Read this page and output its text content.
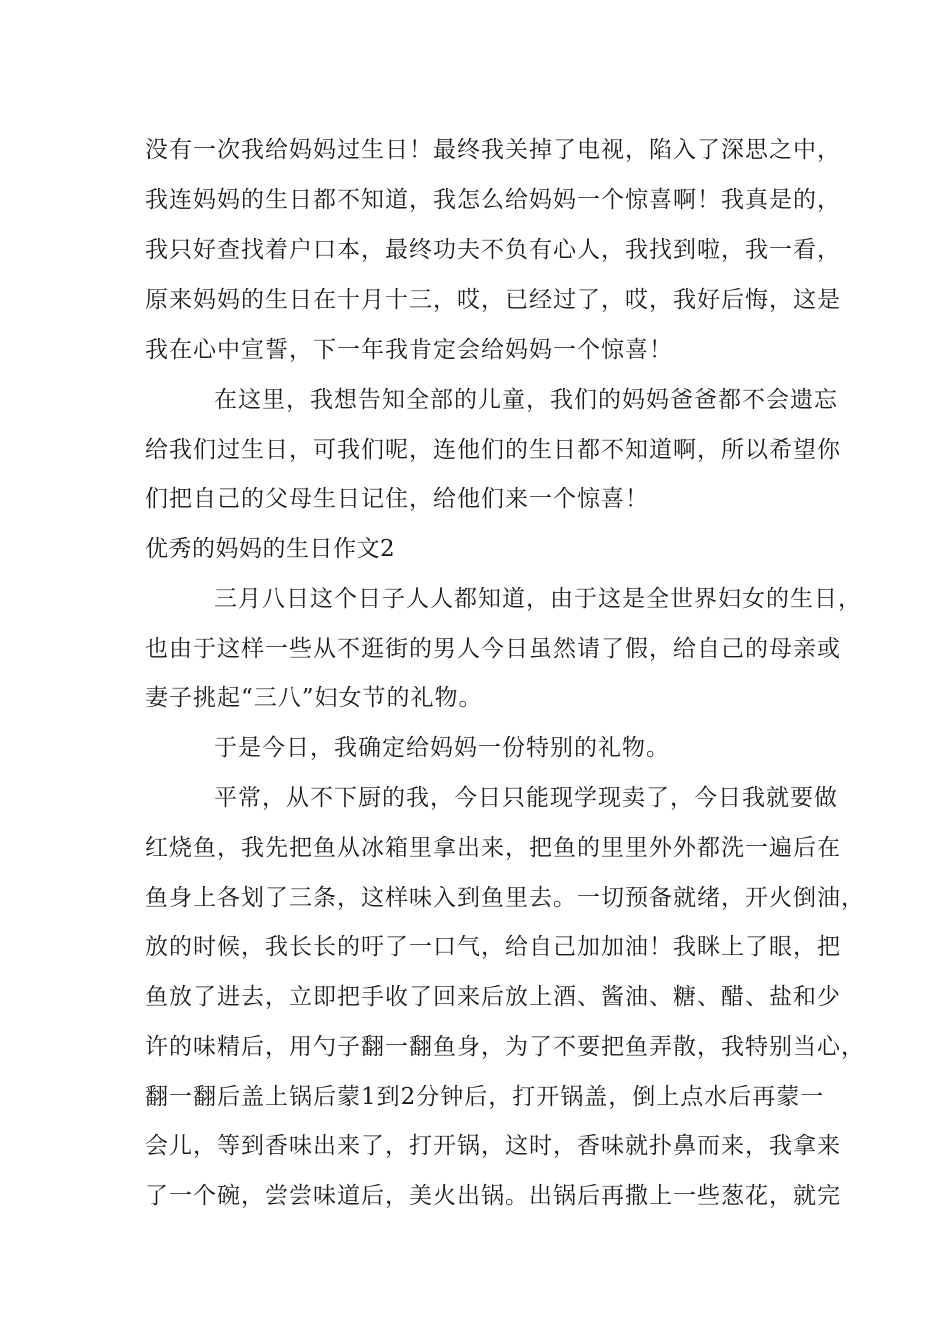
没有一次我给妈妈过生日！最终我关掉了电视，陷入了深思之中，
我连妈妈的生日都不知道，我怎么给妈妈一个惊喜啊！我真是的，
我只好查找着户口本，最终功夫不负有心人，我找到啦，我一看，
原来妈妈的生日在十月十三，哎，已经过了，哎，我好后悔，这是
我在心中宣誓，下一年我肯定会给妈妈一个惊喜！
在这里，我想告知全部的儿童，我们的妈妈爸爸都不会遗忘
给我们过生日，可我们呢，连他们的生日都不知道啊，所以希望你
们把自己的父母生日记住，给他们来一个惊喜！
优秀的妈妈的生日作文2
三月八日这个日子人人都知道，由于这是全世界妇女的生日，
也由于这样一些从不逛街的男人今日虽然请了假，给自己的母亲或
妻子挑起“三八”妇女节的礼物。
于是今日，我确定给妈妈一份特别的礼物。
平常，从不下厨的我，今日只能现学现卖了，今日我就要做
红烧鱼，我先把鱼从冰箱里拿出来，把鱼的里里外外都洗一遍后在
鱼身上各划了三条，这样味入到鱼里去。一切预备就绪，开火倒油，
放的时候，我长长的吁了一口气，给自己加加油！我眯上了眼，把
鱼放了进去，立即把手收了回来后放上酒、酱油、糖、醋、盐和少
许的味精后，用勺子翻一翻鱼身，为了不要把鱼弄散，我特别当心，
翻一翻后盖上锅后蒙1到2分钟后，打开锅盖，倒上点水后再蒙一
会儿，等到香味出来了，打开锅，这时，香味就扑鼻而来，我拿来
了一个碗，尝尝味道后，美火出锅。出锅后再撒上一些葱花，就完
